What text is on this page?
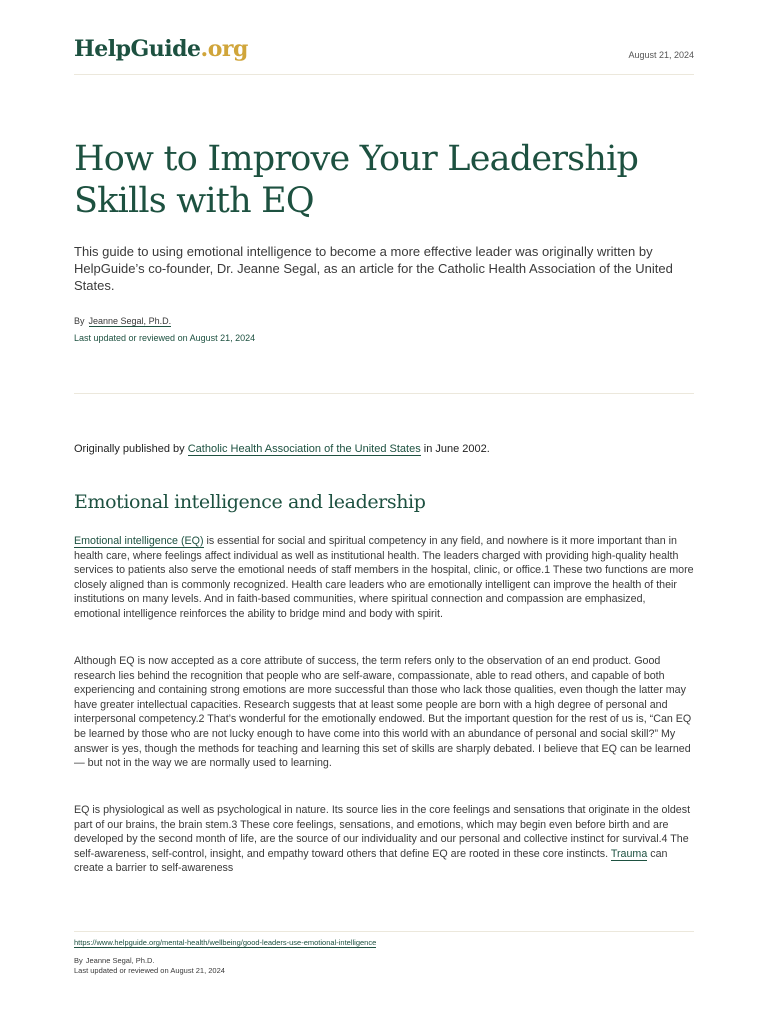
HelpGuide.org	August 21, 2024
How to Improve Your Leadership Skills with EQ

This guide to using emotional intelligence to become a more effective leader was originally written by HelpGuide’s co-founder, Dr. Jeanne Segal, as an article for the Catholic Health Association of the United States.

By Jeanne Segal, Ph.D.
Last updated or reviewed on August 21, 2024

Originally published by Catholic Health Association of the United States in June 2002.

Emotional intelligence and leadership

Emotional intelligence (EQ) is essential for social and spiritual competency in any field, and nowhere is it more important than in health care, where feelings affect individual as well as institutional health. The leaders charged with providing high-quality health services to patients also serve the emotional needs of staff members in the hospital, clinic, or office.1 These two functions are more closely aligned than is commonly recognized. Health care leaders who are emotionally intelligent can improve the health of their institutions on many levels. And in faith-based communities, where spiritual connection and compassion are emphasized, emotional intelligence reinforces the ability to bridge mind and body with spirit.

Although EQ is now accepted as a core attribute of success, the term refers only to the observation of an end product. Good research lies behind the recognition that people who are self-aware, compassionate, able to read others, and capable of both experiencing and containing strong emotions are more successful than those who lack those qualities, even though the latter may have greater intellectual capacities. Research suggests that at least some people are born with a high degree of personal and interpersonal competency.2 That’s wonderful for the emotionally endowed. But the important question for the rest of us is, “Can EQ be learned by those who are not lucky enough to have come into this world with an abundance of personal and social skill?” My answer is yes, though the methods for teaching and learning this set of skills are sharply debated. I believe that EQ can be learned — but not in the way we are normally used to learning.

EQ is physiological as well as psychological in nature. Its source lies in the core feelings and sensations that originate in the oldest part of our brains, the brain stem.3 These core feelings, sensations, and emotions, which may begin even before birth and are developed by the second month of life, are the source of our individuality and our personal and collective instinct for survival.4 The self-awareness, self-control, insight, and empathy toward others that define EQ are rooted in these core instincts. Trauma can create a barrier to self-awareness

https://www.helpguide.org/mental-health/wellbeing/good-leaders-use-emotional-intelligence
By Jeanne Segal, Ph.D.
Last updated or reviewed on August 21, 2024
